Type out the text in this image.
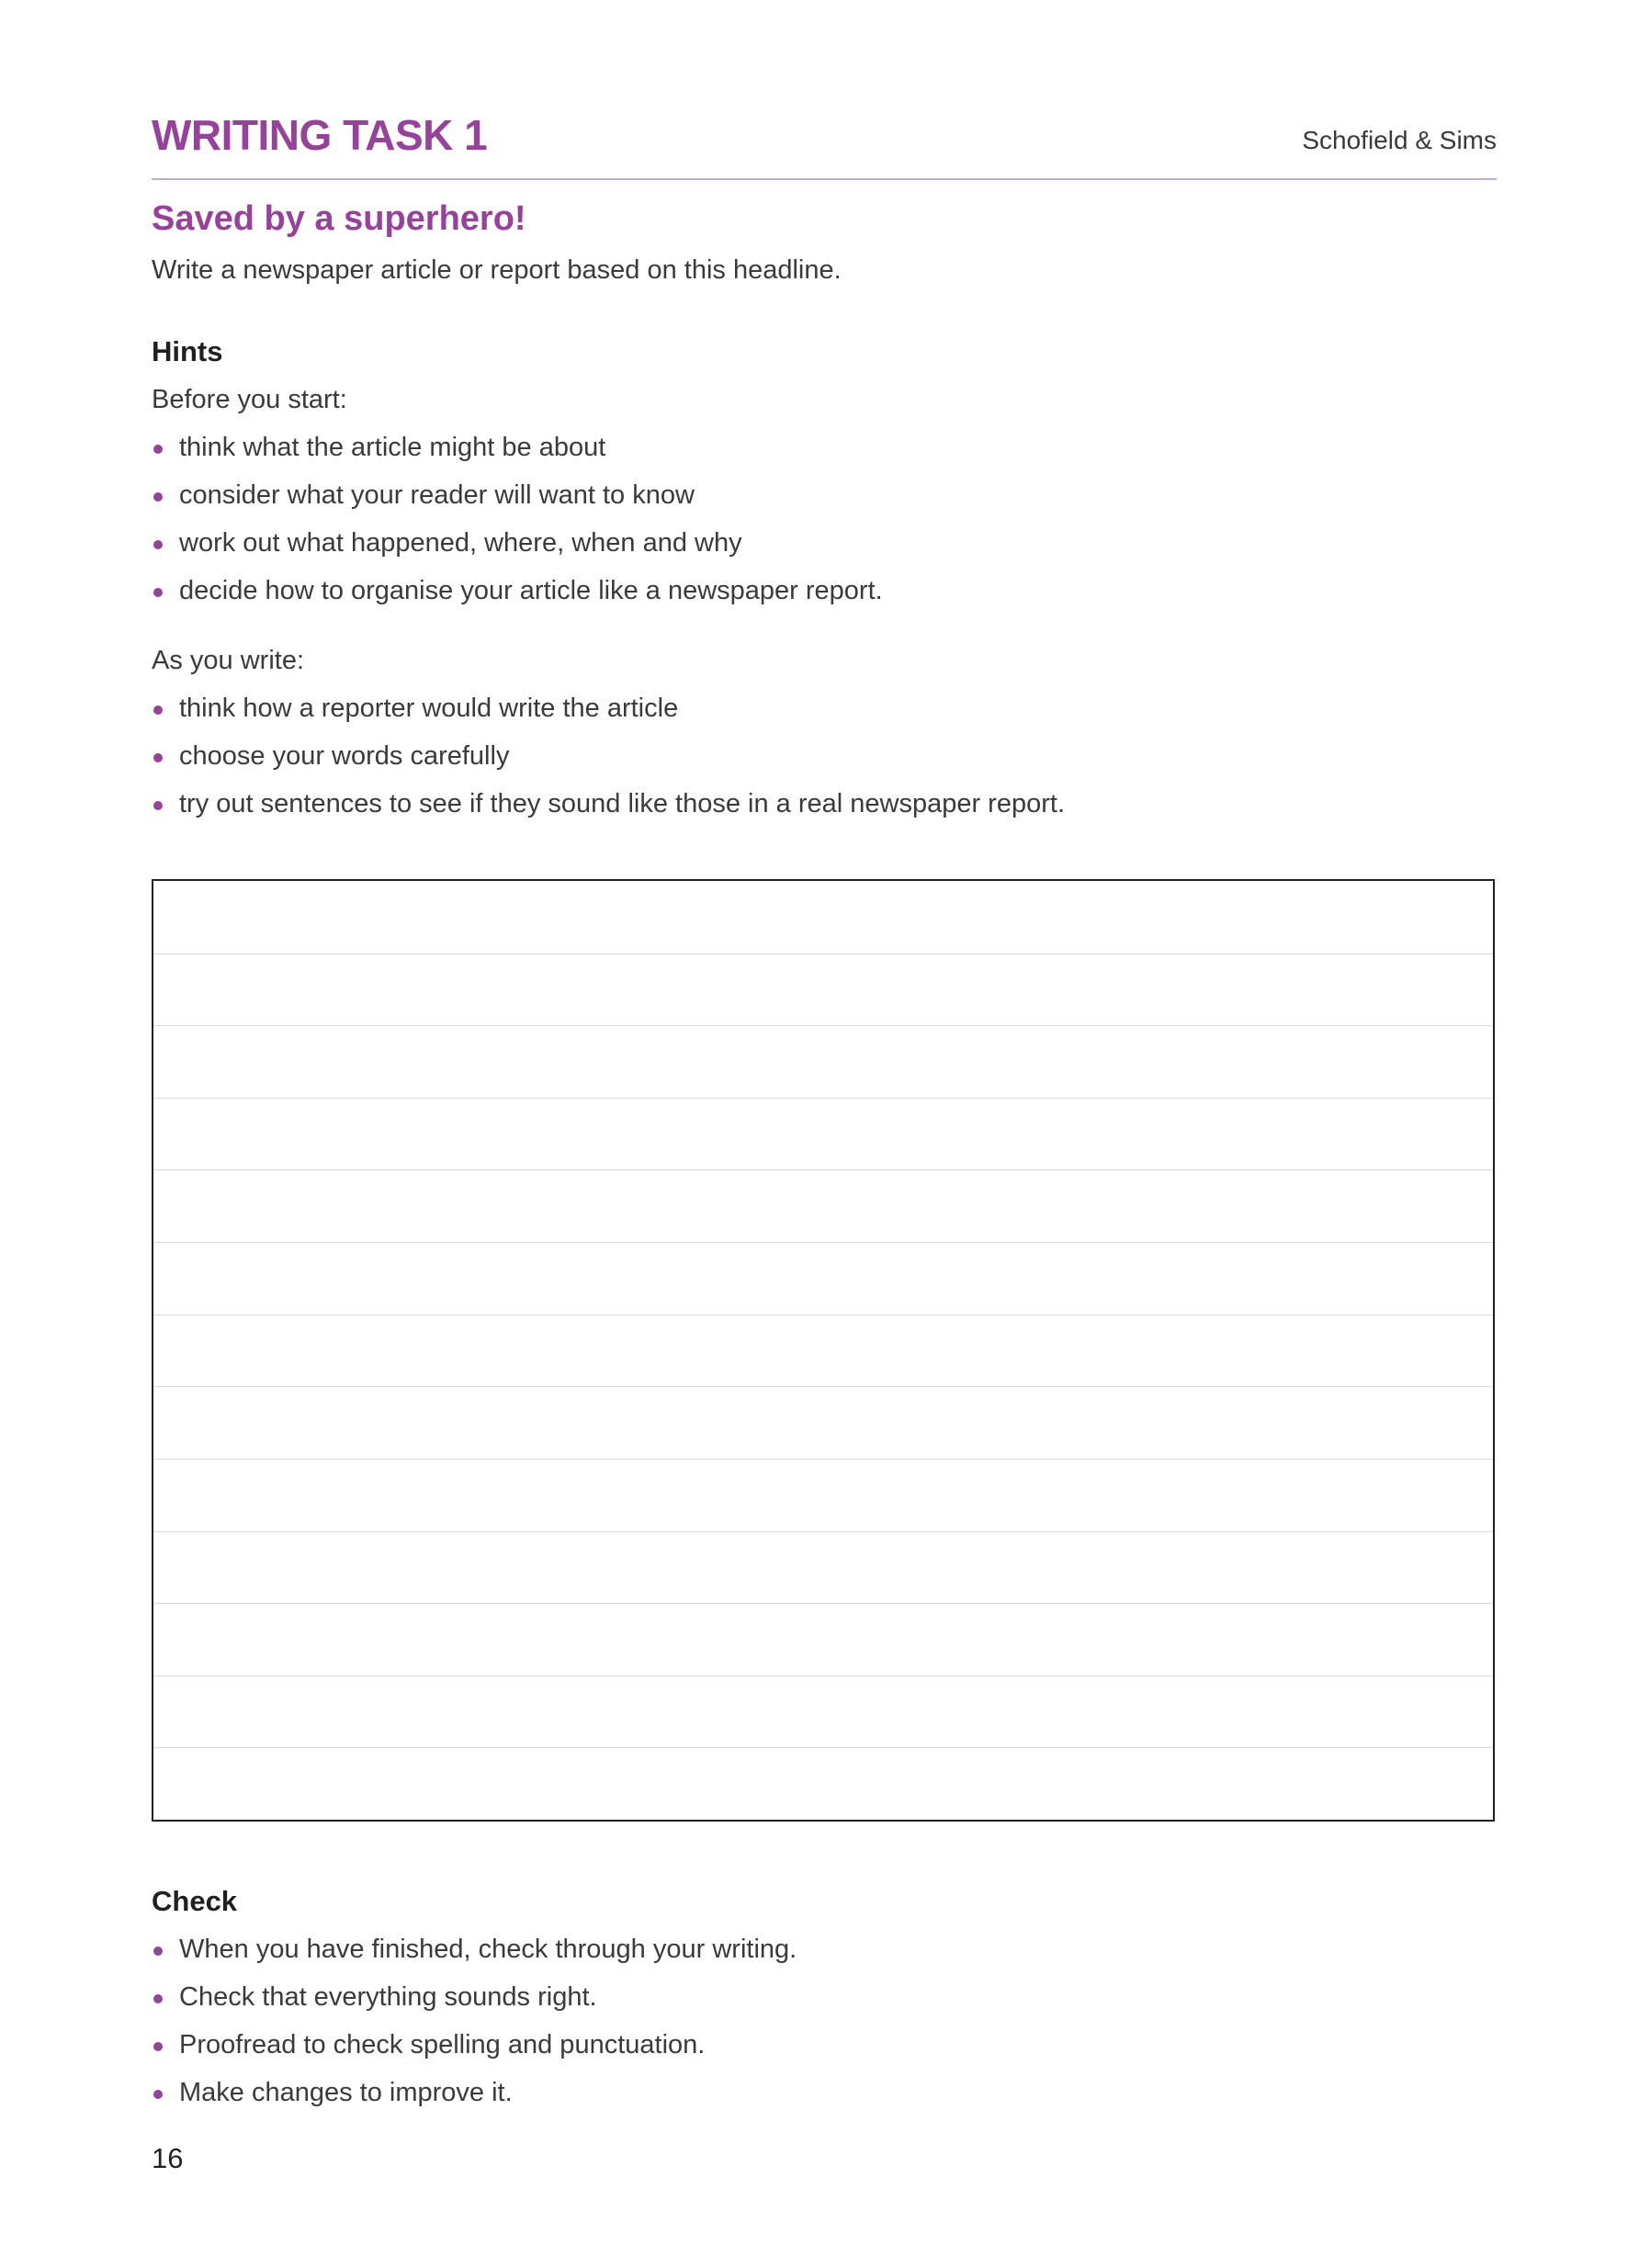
WRITING TASK 1	Schofield & Sims
Saved by a superhero!

Write a newspaper article or report based on this headline.

Hints

Before you start:

think what the article might be about
consider what your reader will want to know
work out what happened, where, when and why
decide how to organise your article like a newspaper report.

As you write:

think how a reporter would write the article
choose your words carefully
try out sentences to see if they sound like those in a real newspaper report.
Check
When you have finished, check through your writing.
Check that everything sounds right.
Proofread to check spelling and punctuation.
Make changes to improve it.
16
